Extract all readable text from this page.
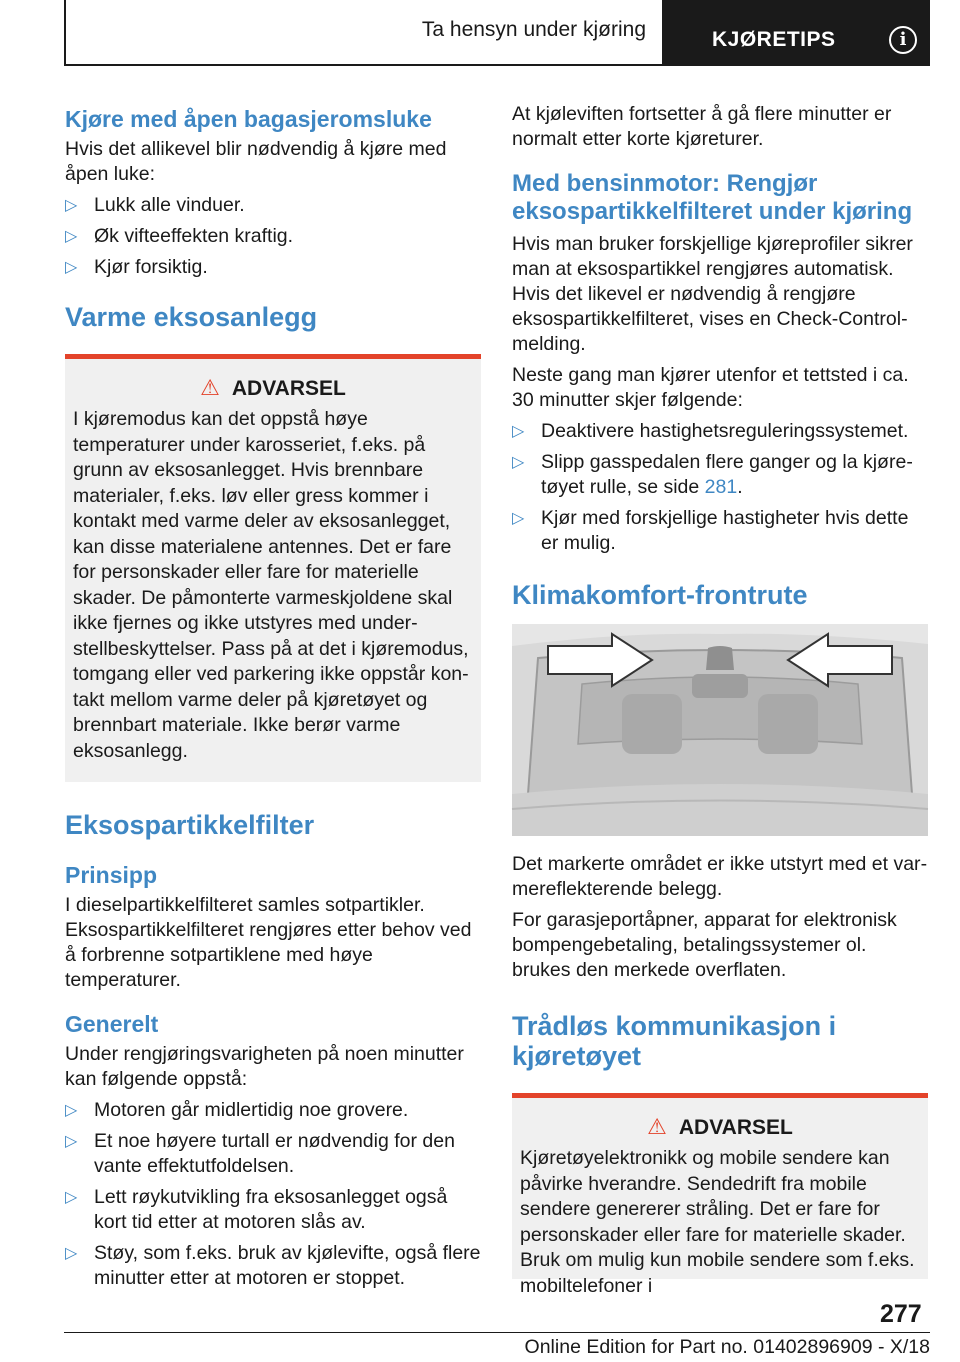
Ta hensyn under kjøring	KJØRETIPS	i
Kjøre med åpen bagasjeromsluke

Hvis det allikevel blir nødvendig å kjøre med åpen luke:

▷ Lukk alle vinduer.
▷ Øk vifteeffekten kraftig.
▷ Kjør forsiktig.
Varme eksosanlegg
⚠ ADVARSEL

I kjøremodus kan det oppstå høye temperaturer under karosseriet, f.eks. på grunn av eksosanlegget. Hvis brennbare materialer, f.eks. løv eller gress kommer i kontakt med varme deler av eksosanlegget, kan disse materialene antennes. Det er fare for personskader eller fare for materielle skader. De påmonterte varmeskjoldene skal ikke fjernes og ikke utstyres med understellbeskyttelser. Pass på at det i kjøremodus, tomgang eller ved parkering ikke oppstår kontakt mellom varme deler på kjøretøyet og brennbart materiale. Ikke berør varme eksosanlegg.

Eksospartikkelfilter
Prinsipp

I dieselpartikkelfilteret samles sotpartikler. Eksospartikkelfilteret rengjøres etter behov ved å forbrenne sotpartiklene med høye temperaturer.

Generelt

Under rengjøringsvarigheten på noen minutter kan følgende oppstå:

▷ Motoren går midlertidig noe grovere.
▷ Et noe høyere turtall er nødvendig for den vante effektutfoldelsen.
▷ Lett røykutvikling fra eksosanlegget også kort tid etter at motoren slås av.
▷ Støy, som f.eks. bruk av kjølevifte, også flere minutter etter at motoren er stoppet.

At kjøleviften fortsetter å gå flere minutter er normalt etter korte kjøreturer.

Med bensinmotor: Rengjør eksospartikkelfilteret under kjøring

Hvis man bruker forskjellige kjøreprofiler sikrer man at eksospartikkel rengjøres automatisk. Hvis det likevel er nødvendig å rengjøre eksospartikkelfilteret, vises en Check-Control-melding.

Neste gang man kjører utenfor et tettsted i ca. 30 minutter skjer følgende:

▷ Deaktivere hastighetsreguleringssystemet.
▷ Slipp gasspedalen flere ganger og la kjøretøyet rulle, se side 281.
▷ Kjør med forskjellige hastigheter hvis dette er mulig.
Klimakomfort-frontrute

Det markerte området er ikke utstyrt med et varmereflekterende belegg.

For garasjeportåpner, apparat for elektronisk bompengebetaling, betalingssystemer ol. brukes den merkede overflaten.

Trådløs kommunikasjon i kjøretøyet
⚠ ADVARSEL

Kjøretøyelektronikk og mobile sendere kan påvirke hverandre. Sendedrift fra mobile sendere genererer stråling. Det er fare for personskader eller fare for materielle skader. Bruk om mulig kun mobile sendere som f.eks. mobiltelefoner i

277
Online Edition for Part no. 01402896909 - X/18
